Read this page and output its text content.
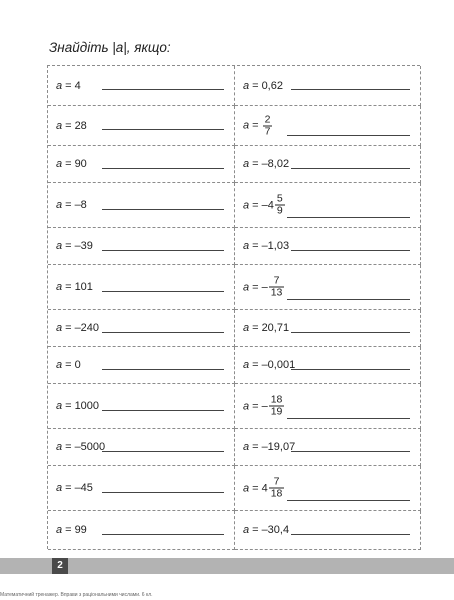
Знайдіть |a|, якщо:
a = 4	a = 0,62
a = 28	$a = \frac{2}{7}$
a = 90	a = –8,02
a = –8	a = – $4 \frac{5}{9}$
a = –39	a = –1,03
a = 101	a = – $\frac{7}{13}$
a = –240	a = 20,71
a = 0	a = –0,001
a = 1000	a = – $\frac{18}{19}$
a = –5000	a = –19,07
a = –45	$a = 4 \frac{7}{18}$
a = 99	a = –30,4
2
Математичний тренажер. Вправи з раціональними числами. 6 кл.
